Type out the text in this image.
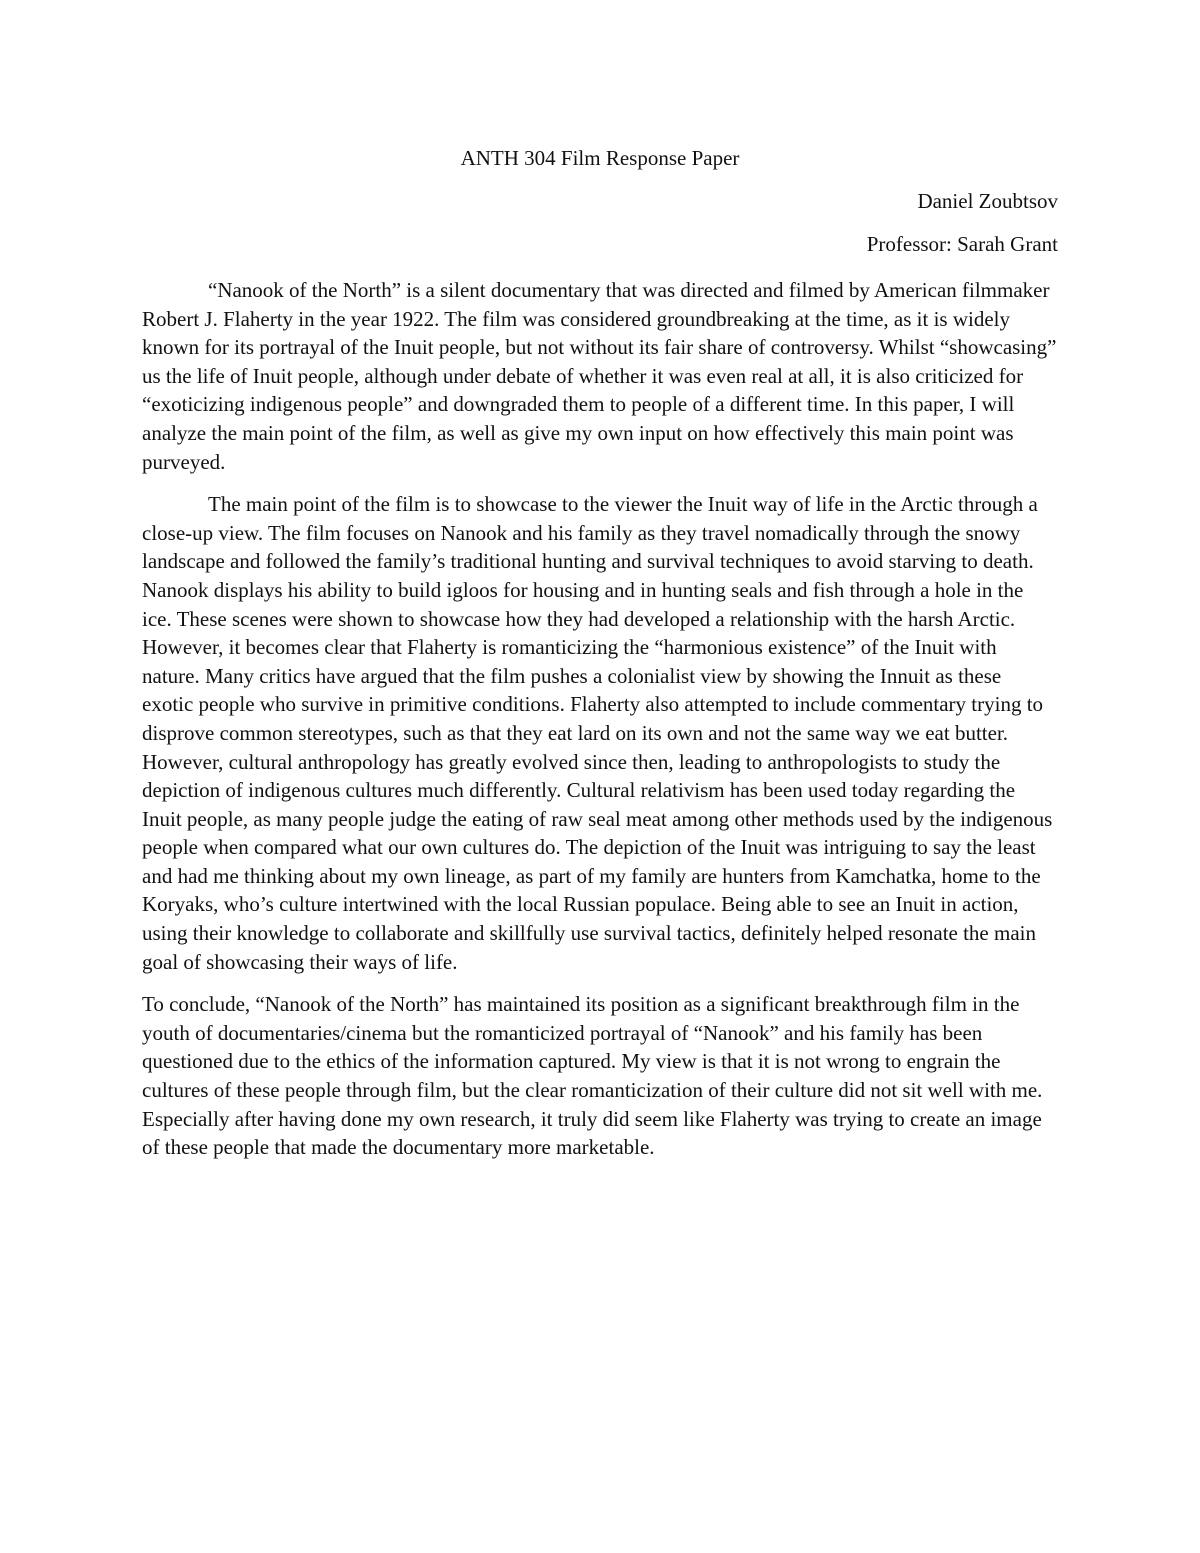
ANTH 304 Film Response Paper

Daniel Zoubtsov

Professor: Sarah Grant

“Nanook of the North” is a silent documentary that was directed and filmed by American filmmaker Robert J. Flaherty in the year 1922. The film was considered groundbreaking at the time, as it is widely known for its portrayal of the Inuit people, but not without its fair share of controversy. Whilst “showcasing” us the life of Inuit people, although under debate of whether it was even real at all, it is also criticized for “exoticizing indigenous people” and downgraded them to people of a different time. In this paper, I will analyze the main point of the film, as well as give my own input on how effectively this main point was purveyed.

The main point of the film is to showcase to the viewer the Inuit way of life in the Arctic through a close-up view. The film focuses on Nanook and his family as they travel nomadically through the snowy landscape and followed the family’s traditional hunting and survival techniques to avoid starving to death. Nanook displays his ability to build igloos for housing and in hunting seals and fish through a hole in the ice. These scenes were shown to showcase how they had developed a relationship with the harsh Arctic. However, it becomes clear that Flaherty is romanticizing the “harmonious existence” of the Inuit with nature. Many critics have argued that the film pushes a colonialist view by showing the Innuit as these exotic people who survive in primitive conditions. Flaherty also attempted to include commentary trying to disprove common stereotypes, such as that they eat lard on its own and not the same way we eat butter. However, cultural anthropology has greatly evolved since then, leading to anthropologists to study the depiction of indigenous cultures much differently. Cultural relativism has been used today regarding the Inuit people, as many people judge the eating of raw seal meat among other methods used by the indigenous people when compared what our own cultures do. The depiction of the Inuit was intriguing to say the least and had me thinking about my own lineage, as part of my family are hunters from Kamchatka, home to the Koryaks, who’s culture intertwined with the local Russian populace. Being able to see an Inuit in action, using their knowledge to collaborate and skillfully use survival tactics, definitely helped resonate the main goal of showcasing their ways of life.

To conclude, “Nanook of the North” has maintained its position as a significant breakthrough film in the youth of documentaries/cinema but the romanticized portrayal of “Nanook” and his family has been questioned due to the ethics of the information captured. My view is that it is not wrong to engrain the cultures of these people through film, but the clear romanticization of their culture did not sit well with me. Especially after having done my own research, it truly did seem like Flaherty was trying to create an image of these people that made the documentary more marketable.
